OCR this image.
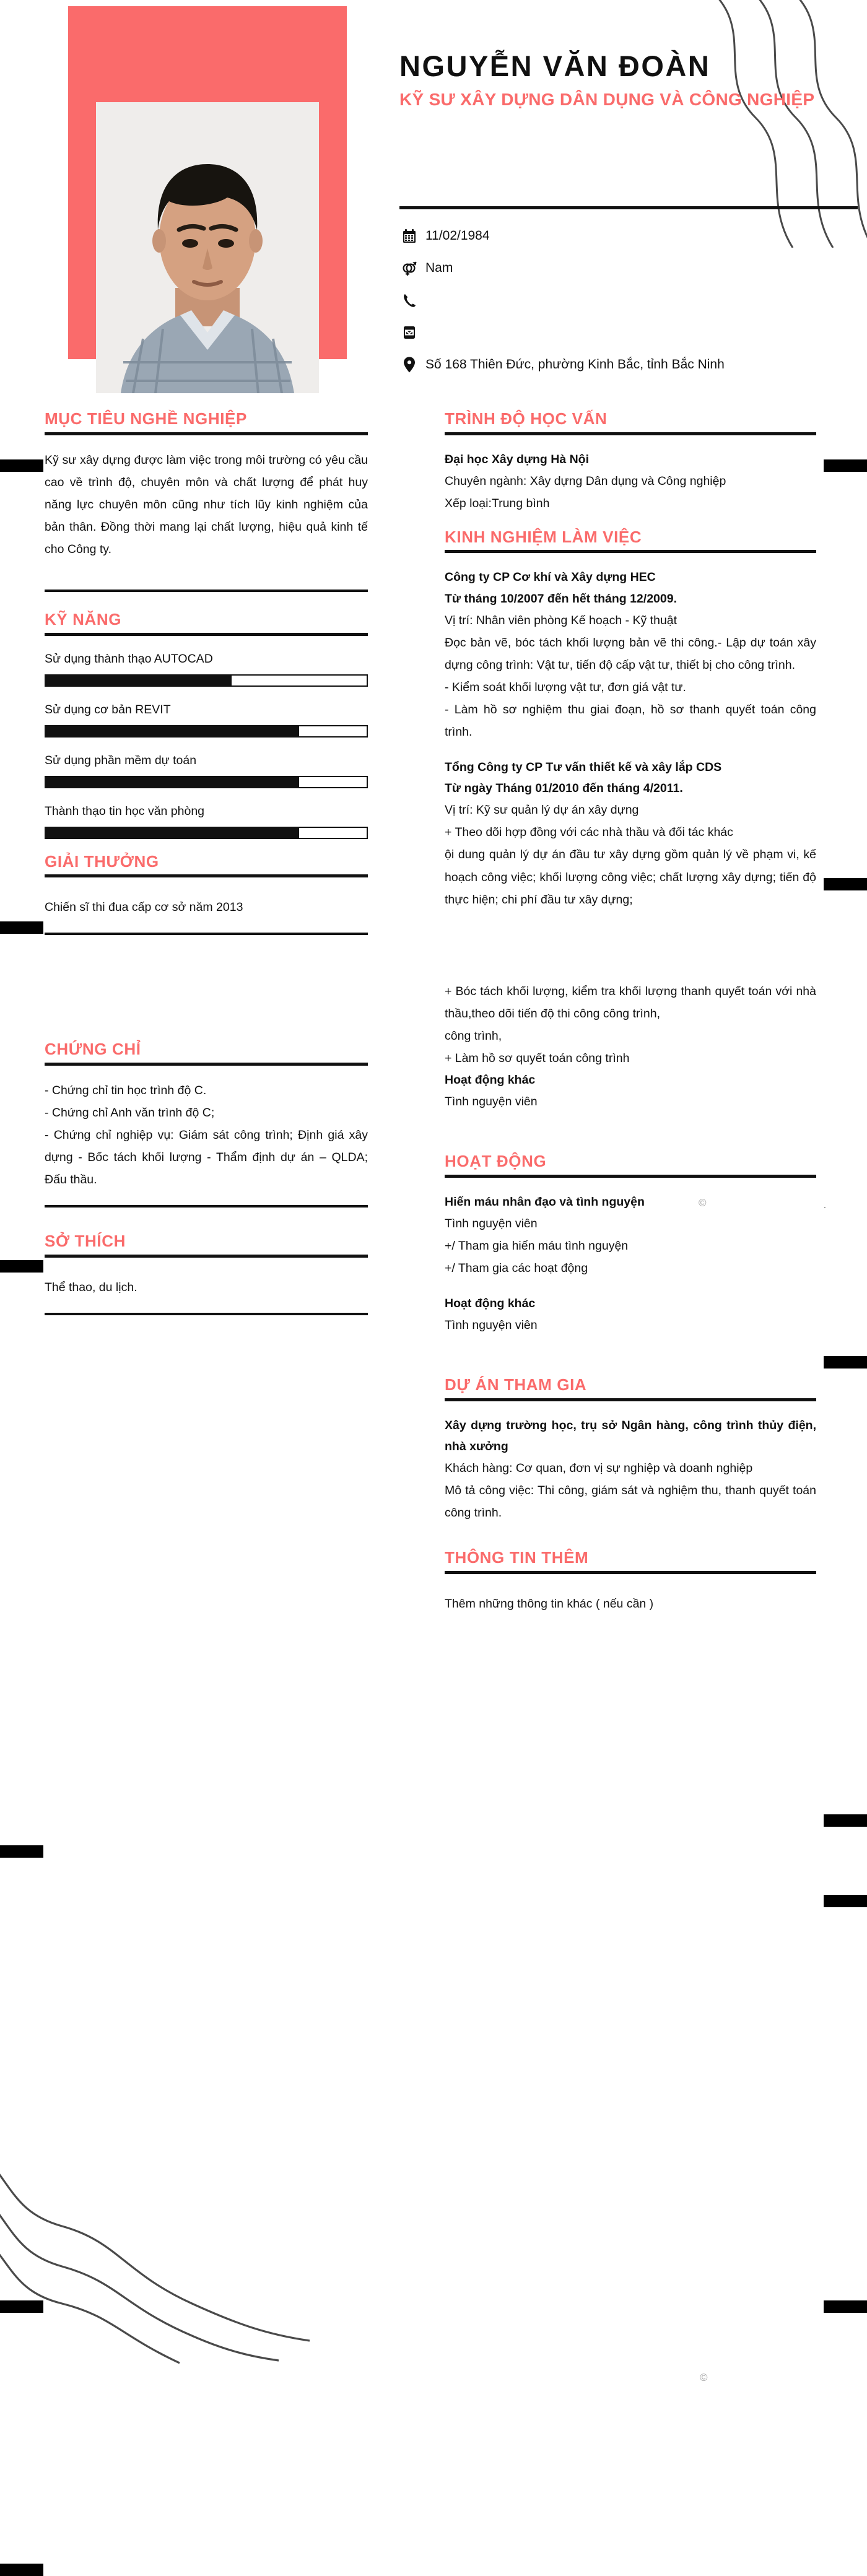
©	.
©
NGUYỄN VĂN ĐOÀN
KỸ SƯ XÂY DỰNG DÂN DỤNG VÀ CÔNG NGHIỆP
11/02/1984
Nam
Số 168 Thiên Đức, phường Kinh Bắc, tỉnh Bắc Ninh
MỤC TIÊU NGHỀ NGHIỆP
Kỹ sư xây dựng được làm việc trong môi trường có yêu cầu cao về trình độ, chuyên môn và chất lượng để phát huy năng lực chuyên môn cũng như tích lũy kinh nghiệm của bản thân. Đồng thời mang lại chất lượng, hiệu quả kinh tế cho Công ty.
KỸ NĂNG
Sử dụng thành thạo AUTOCAD
Sử dụng cơ bản REVIT
Sử dụng phần mềm dự toán
Thành thạo tin học văn phòng
GIẢI THƯỞNG
Chiến sĩ thi đua cấp cơ sở năm 2013
CHỨNG CHỈ
- Chứng chỉ tin học trình độ C.
- Chứng chỉ Anh văn trình độ C;
- Chứng chỉ nghiệp vụ: Giám sát công trình; Định giá xây dựng - Bốc tách khối lượng - Thẩm định dự án – QLDA; Đấu thầu.
SỞ THÍCH
Thể thao, du lịch.
TRÌNH ĐỘ HỌC VẤN
Đại học Xây dựng Hà Nội
Chuyên ngành: Xây dựng Dân dụng và Công nghiệp
Xếp loại:Trung bình
KINH NGHIỆM LÀM VIỆC
Công ty CP Cơ khí và Xây dựng HEC
Từ tháng 10/2007 đến hết tháng 12/2009.
Vị trí: Nhân viên phòng Kế hoạch - Kỹ thuật
Đọc bản vẽ, bóc tách khối lượng bản vẽ thi công.- Lập dự toán xây dựng công trình: Vật tư, tiến độ cấp vật tư, thiết bị cho công trình.
- Kiểm soát khối lượng vật tư, đơn giá vật tư.
- Làm hồ sơ nghiệm thu giai đoạn, hồ sơ thanh quyết toán công trình.
Tổng Công ty CP Tư vấn thiết kế và xây lắp CDS
Từ ngày Tháng 01/2010 đến tháng 4/2011.
Vị trí: Kỹ sư quản lý dự án xây dựng
+ Theo dõi hợp đồng với các nhà thầu và đối tác khác
ội dung quản lý dự án đầu tư xây dựng gồm quản lý về phạm vi, kế hoạch công việc; khối lượng công việc; chất lượng xây dựng; tiến độ thực hiện; chi phí đầu tư xây dựng;
+ Bóc tách khối lượng, kiểm tra khối lượng thanh quyết toán với nhà thầu,theo dõi tiến độ thi công công trình,
công trình,
+ Làm hồ sơ quyết toán công trình
Hoạt động khác
Tình nguyện viên
HOẠT ĐỘNG
Hiến máu nhân đạo và tình nguyện
Tình nguyện viên
+/ Tham gia hiến máu tình nguyện
+/ Tham gia các hoạt động
Hoạt động khác
Tình nguyện viên
DỰ ÁN THAM GIA
Xây dựng trường học, trụ sở Ngân hàng, công trình thủy điện, nhà xưởng
Khách hàng: Cơ quan, đơn vị sự nghiệp và doanh nghiệp
Mô tả công việc: Thi công, giám sát và nghiệm thu, thanh quyết toán công trình.
THÔNG TIN THÊM
Thêm những thông tin khác ( nếu cần )
